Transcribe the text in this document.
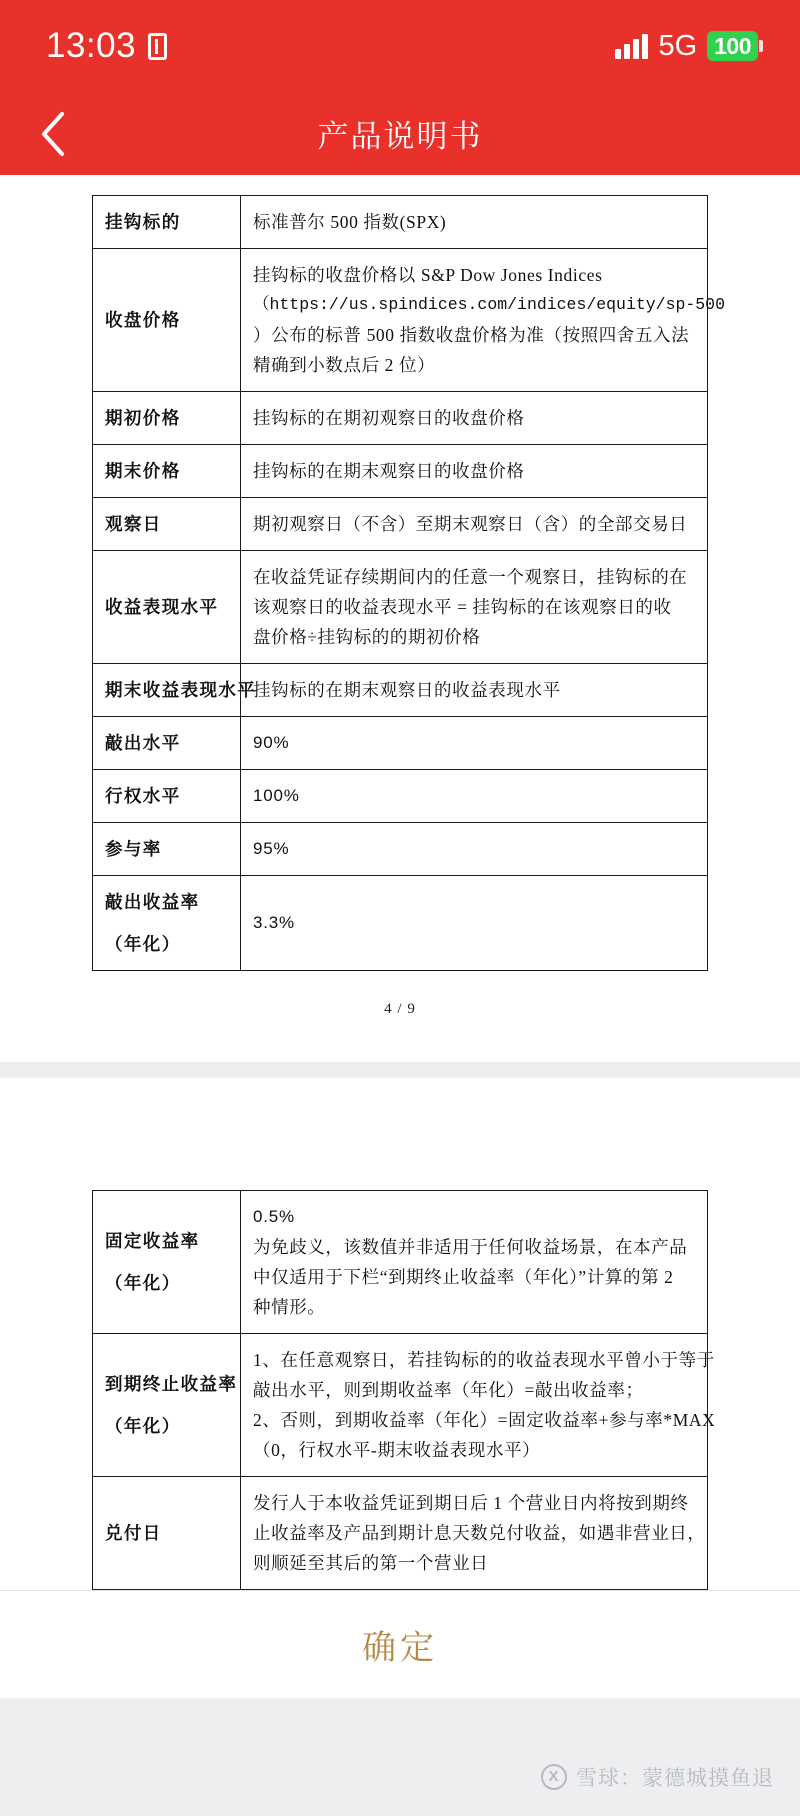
13:03	5G 100
产品说明书
挂钩标的	标准普尔 500 指数(SPX)

收盘价格	挂钩标的收盘价格以 S&P Dow Jones Indices
（https://us.spindices.com/indices/equity/sp-500
）公布的标普 500 指数收盘价格为准（按照四舍五入法
精确到小数点后 2 位）

期初价格	挂钩标的在期初观察日的收盘价格

期末价格	挂钩标的在期末观察日的收盘价格

观察日	期初观察日（不含）至期末观察日（含）的全部交易日

收益表现水平	在收益凭证存续期间内的任意一个观察日，挂钩标的在
该观察日的收益表现水平 = 挂钩标的在该观察日的收
盘价格÷挂钩标的的期初价格

期末收益表现水平	挂钩标的在期末观察日的收益表现水平

敲出水平	90%

行权水平	100%

参与率	95%

敲出收益率
（年化）	3.3%
4 / 9
固定收益率
（年化）	0.5%
为免歧义，该数值并非适用于任何收益场景，在本产品
中仅适用于下栏“到期终止收益率（年化）”计算的第 2
种情形。

到期终止收益率
（年化）	1、在任意观察日，若挂钩标的的收益表现水平曾小于等于
敲出水平，则到期收益率（年化）=敲出收益率；
2、否则，到期收益率（年化）=固定收益率+参与率*MAX
（0，行权水平-期末收益表现水平）

兑付日	发行人于本收益凭证到期日后 1 个营业日内将按到期终
止收益率及产品到期计息天数兑付收益，如遇非营业日，
则顺延至其后的第一个营业日
确定
X
雪球：蒙德城摸鱼退
